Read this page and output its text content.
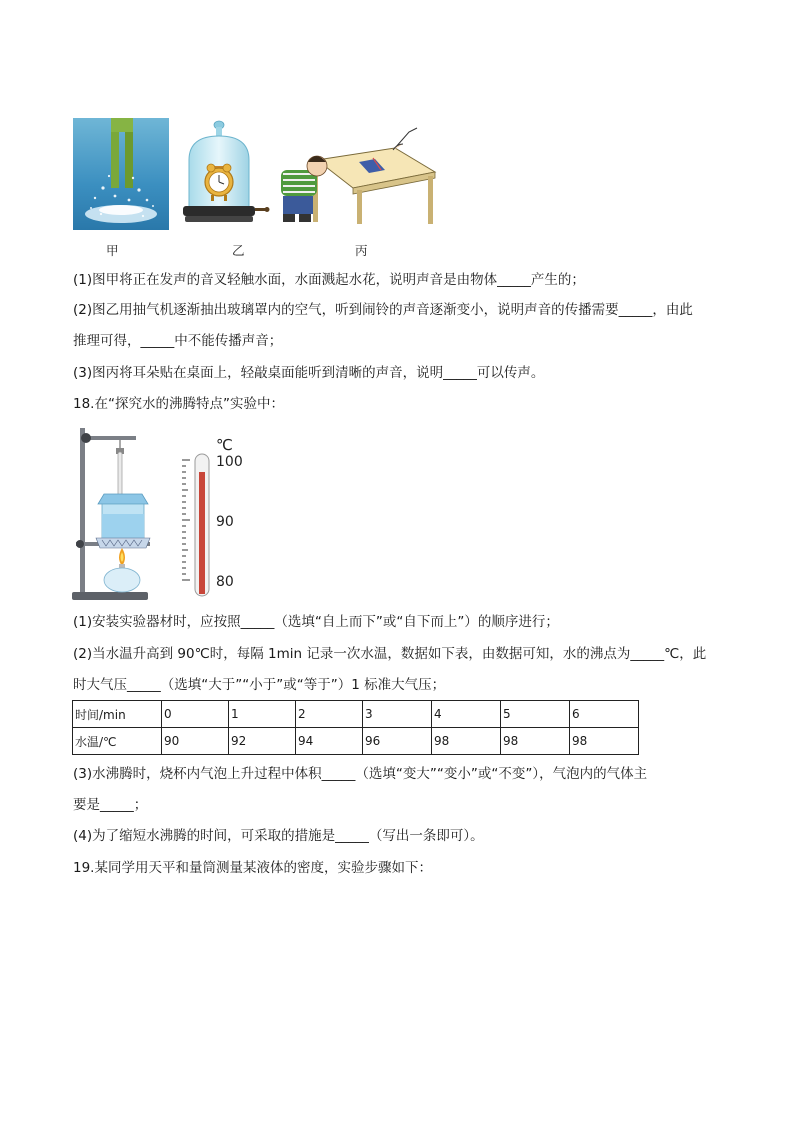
甲	乙	丙
(1)图甲将正在发声的音叉轻触水面，水面溅起水花，说明声音是由物体_____产生的；
(2)图乙用抽气机逐渐抽出玻璃罩内的空气，听到闹铃的声音逐渐变小，说明声音的传播需要_____，由此
推理可得，_____中不能传播声音；
(3)图丙将耳朵贴在桌面上，轻敲桌面能听到清晰的声音，说明_____可以传声。
18.在“探究水的沸腾特点”实验中：
℃
100
90
80
(1)安装实验器材时，应按照_____（选填“自上而下”或“自下而上”）的顺序进行；
(2)当水温升高到 90℃时，每隔 1min 记录一次水温，数据如下表，由数据可知，水的沸点为_____℃，此
时大气压_____（选填“大于”“小于”或“等于”）1 标准大气压；
时间/min	0	1	2	3	4	5	6
水温/℃	90	92	94	96	98	98	98
(3)水沸腾时，烧杯内气泡上升过程中体积_____（选填“变大”“变小”或“不变”），气泡内的气体主
要是_____；
(4)为了缩短水沸腾的时间，可采取的措施是_____（写出一条即可）。
19.某同学用天平和量筒测量某液体的密度，实验步骤如下：
